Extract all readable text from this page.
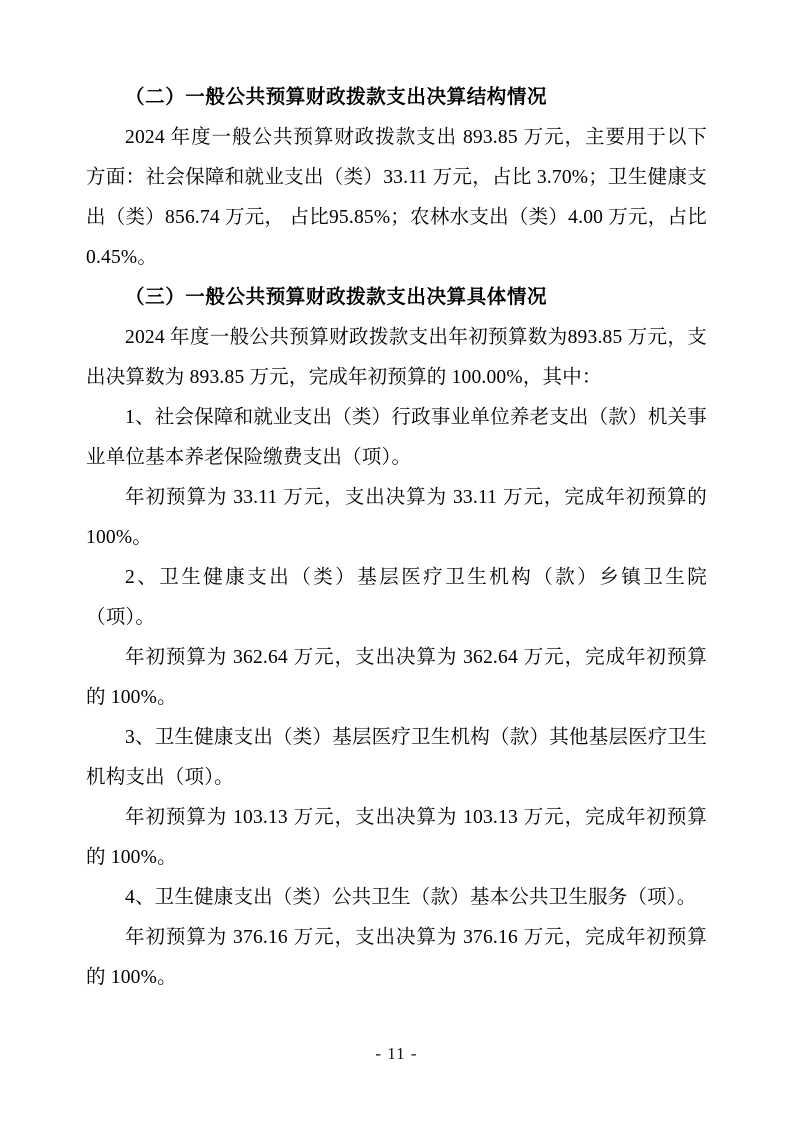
（二）一般公共预算财政拨款支出决算结构情况

2024 年度一般公共预算财政拨款支出 893.85 万元，主要用于以下方面：社会保障和就业支出（类）33.11 万元，占比 3.70%；卫生健康支出（类）856.74 万元， 占比95.85%；农林水支出（类）4.00 万元，占比0.45%。

（三）一般公共预算财政拨款支出决算具体情况

2024 年度一般公共预算财政拨款支出年初预算数为893.85 万元，支出决算数为 893.85 万元，完成年初预算的 100.00%，其中：

1、社会保障和就业支出（类）行政事业单位养老支出（款）机关事业单位基本养老保险缴费支出（项）。

年初预算为 33.11 万元，支出决算为 33.11 万元，完成年初预算的 100%。

2、卫生健康支出（类）基层医疗卫生机构（款）乡镇卫生院（项）。

年初预算为 362.64 万元，支出决算为 362.64 万元，完成年初预算的 100%。

3、卫生健康支出（类）基层医疗卫生机构（款）其他基层医疗卫生机构支出（项）。

年初预算为 103.13 万元，支出决算为 103.13 万元，完成年初预算的 100%。

4、卫生健康支出（类）公共卫生（款）基本公共卫生服务（项）。

年初预算为 376.16 万元，支出决算为 376.16 万元，完成年初预算的 100%。

- 11 -
